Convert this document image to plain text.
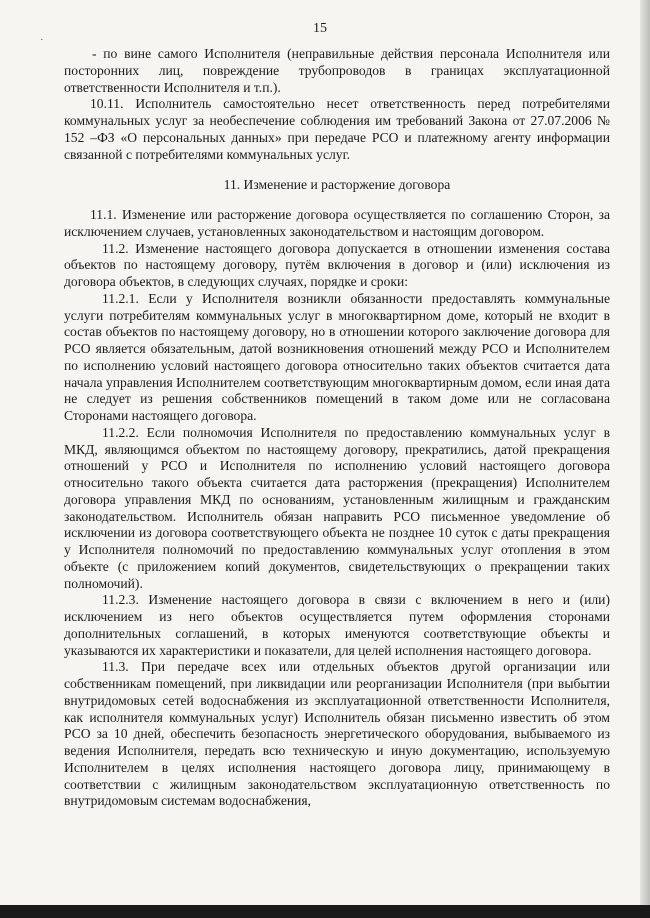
15
·

- по вине самого Исполнителя (неправильные действия персонала Исполнителя или посторонних лиц, повреждение трубопроводов в границах эксплуатационной ответственности Исполнителя и т.п.).

10.11. Исполнитель самостоятельно несет ответственность перед потребителями коммунальных услуг за необеспечение соблюдения им требований Закона от 27.07.2006 № 152 –ФЗ «О персональных данных» при передаче РСО и платежному агенту информации связанной с потребителями коммунальных услуг.

11. Изменение и расторжение договора

11.1. Изменение или расторжение договора осуществляется по соглашению Сторон, за исключением случаев, установленных законодательством и настоящим договором.

11.2. Изменение настоящего договора допускается в отношении изменения состава объектов по настоящему договору, путём включения в договор и (или) исключения из договора объектов, в следующих случаях, порядке и сроки:

11.2.1. Если у Исполнителя возникли обязанности предоставлять коммунальные услуги потребителям коммунальных услуг в многоквартирном доме, который не входит в состав объектов по настоящему договору, но в отношении которого заключение договора для РСО является обязательным, датой возникновения отношений между РСО и Исполнителем по исполнению условий настоящего договора относительно таких объектов считается дата начала управления Исполнителем соответствующим многоквартирным домом, если иная дата не следует из решения собственников помещений в таком доме или не согласована Сторонами настоящего договора.

11.2.2. Если полномочия Исполнителя по предоставлению коммунальных услуг в МКД, являющимся объектом по настоящему договору, прекратились, датой прекращения отношений у РСО и Исполнителя по исполнению условий настоящего договора относительно такого объекта считается дата расторжения (прекращения) Исполнителем договора управления МКД по основаниям, установленным жилищным и гражданским законодательством. Исполнитель обязан направить РСО письменное уведомление об исключении из договора соответствующего объекта не позднее 10 суток с даты прекращения у Исполнителя полномочий по предоставлению коммунальных услуг отопления в этом объекте (с приложением копий документов, свидетельствующих о прекращении таких полномочий).

11.2.3. Изменение настоящего договора в связи с включением в него и (или) исключением из него объектов осуществляется путем оформления сторонами дополнительных соглашений, в которых именуются соответствующие объекты и указываются их характеристики и показатели, для целей исполнения настоящего договора.

11.3. При передаче всех или отдельных объектов другой организации или собственникам помещений, при ликвидации или реорганизации Исполнителя (при выбытии внутридомовых сетей водоснабжения из эксплуатационной ответственности Исполнителя, как исполнителя коммунальных услуг) Исполнитель обязан письменно известить об этом РСО за 10 дней, обеспечить безопасность энергетического оборудования, выбываемого из ведения Исполнителя, передать всю техническую и иную документацию, используемую Исполнителем в целях исполнения настоящего договора лицу, принимающему в соответствии с жилищным законодательством эксплуатационную ответственность по внутридомовым системам водоснабжения,
